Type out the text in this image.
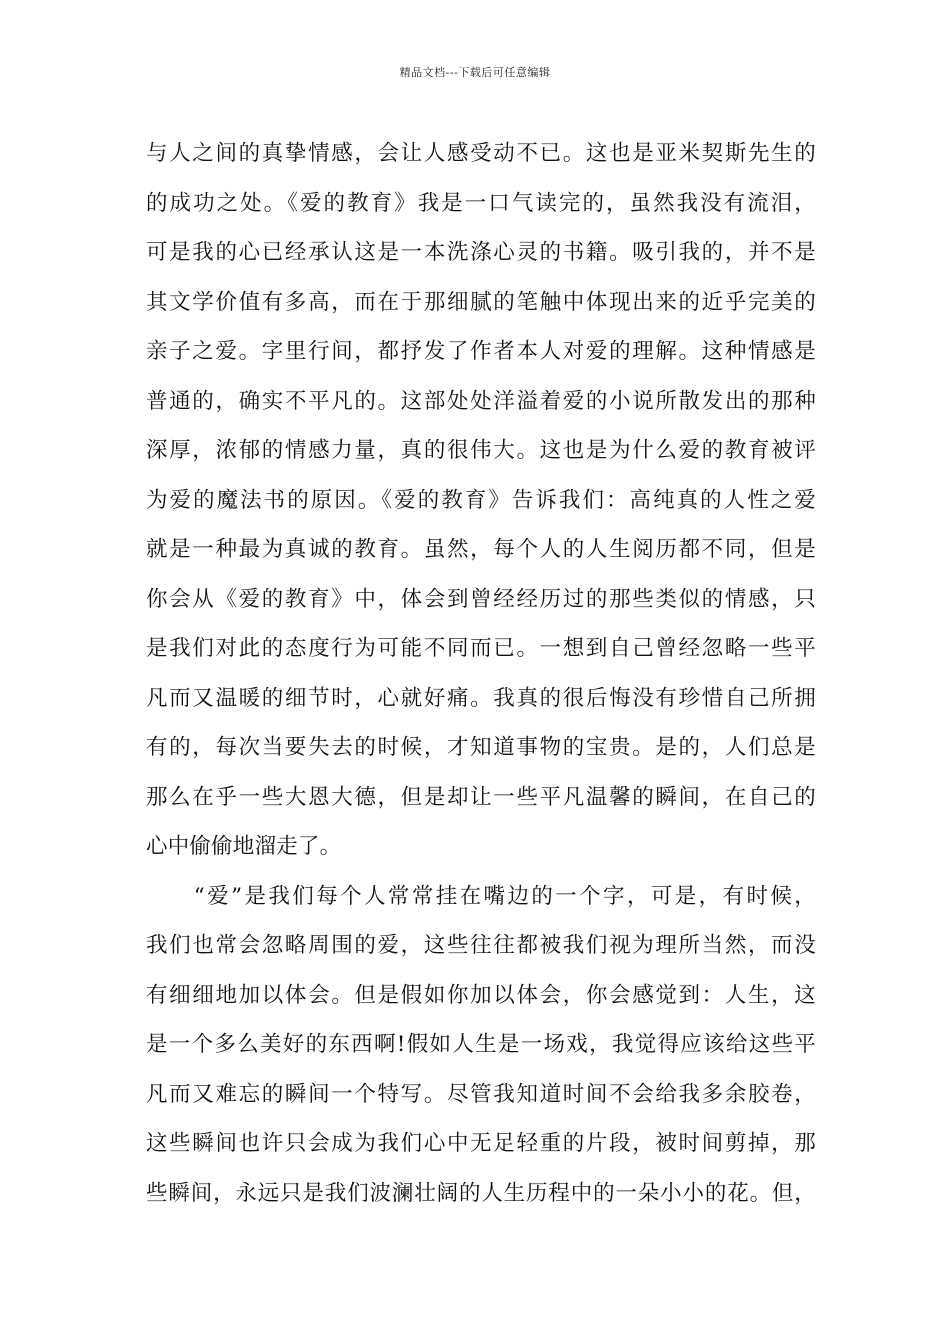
精品文档---下载后可任意编辑
与人之间的真挚情感，会让人感受动不已。这也是亚米契斯先生的
的成功之处。《爱的教育》我是一口气读完的，虽然我没有流泪，
可是我的心已经承认这是一本洗涤心灵的书籍。吸引我的，并不是
其文学价值有多高，而在于那细腻的笔触中体现出来的近乎完美的
亲子之爱。字里行间，都抒发了作者本人对爱的理解。这种情感是
普通的，确实不平凡的。这部处处洋溢着爱的小说所散发出的那种
深厚，浓郁的情感力量，真的很伟大。这也是为什么爱的教育被评
为爱的魔法书的原因。《爱的教育》告诉我们：高纯真的人性之爱
就是一种最为真诚的教育。虽然，每个人的人生阅历都不同，但是
你会从《爱的教育》中，体会到曾经经历过的那些类似的情感，只
是我们对此的态度行为可能不同而已。一想到自己曾经忽略一些平
凡而又温暖的细节时，心就好痛。我真的很后悔没有珍惜自己所拥
有的，每次当要失去的时候，才知道事物的宝贵。是的，人们总是
那么在乎一些大恩大德，但是却让一些平凡温馨的瞬间，在自己的
心中偷偷地溜走了。
　　“爱”是我们每个人常常挂在嘴边的一个字，可是，有时候，
我们也常会忽略周围的爱，这些往往都被我们视为理所当然，而没
有细细地加以体会。但是假如你加以体会，你会感觉到：人生，这
是一个多么美好的东西啊!假如人生是一场戏，我觉得应该给这些平
凡而又难忘的瞬间一个特写。尽管我知道时间不会给我多余胶卷，
这些瞬间也许只会成为我们心中无足轻重的片段，被时间剪掉，那
些瞬间，永远只是我们波澜壮阔的人生历程中的一朵小小的花。但，
